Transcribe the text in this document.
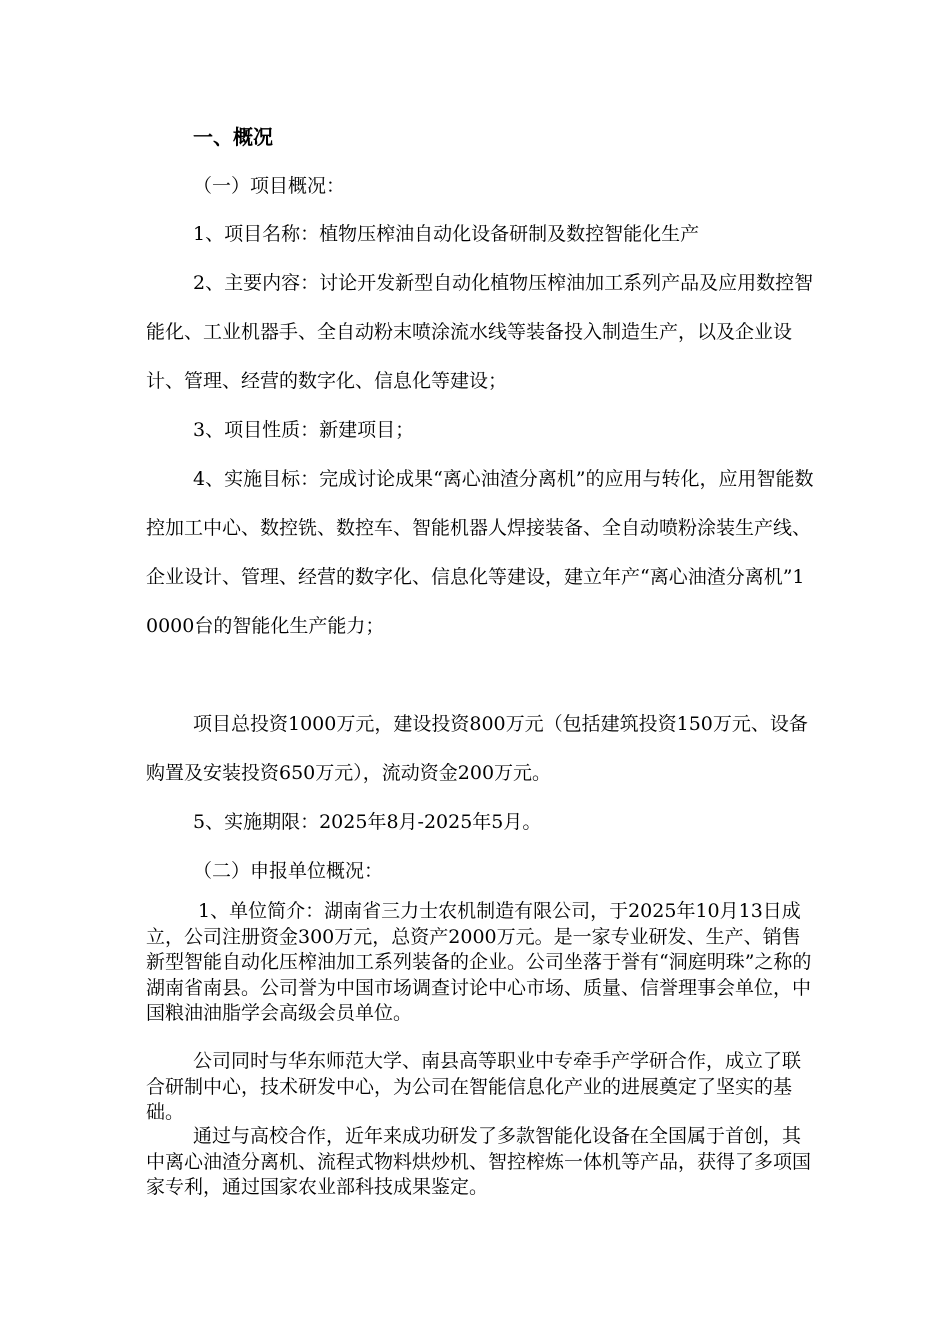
一、概况

（一）项目概况：

1、项目名称：植物压榨油自动化设备研制及数控智能化生产

2、主要内容：讨论开发新型自动化植物压榨油加工系列产品及应用数控智能化、工业机器手、全自动粉末喷涂流水线等装备投入制造生产，以及企业设计、管理、经营的数字化、信息化等建设；

3、项目性质：新建项目；

4、实施目标：完成讨论成果“离心油渣分离机”的应用与转化，应用智能数控加工中心、数控铣、数控车、智能机器人焊接装备、全自动喷粉涂装生产线、企业设计、管理、经营的数字化、信息化等建设，建立年产“离心油渣分离机”10000台的智能化生产能力；

项目总投资1000万元，建设投资800万元（包括建筑投资150万元、设备购置及安装投资650万元），流动资金200万元。

5、实施期限：2025年8月-2025年5月。

（二）申报单位概况：

1、单位简介：湖南省三力士农机制造有限公司，于2025年10月13日成立，公司注册资金300万元，总资产2000万元。是一家专业研发、生产、销售新型智能自动化压榨油加工系列装备的企业。公司坐落于誉有“洞庭明珠”之称的湖南省南县。公司誉为中国市场调查讨论中心市场、质量、信誉理事会单位，中国粮油油脂学会高级会员单位。

公司同时与华东师范大学、南县高等职业中专牵手产学研合作，成立了联合研制中心，技术研发中心，为公司在智能信息化产业的进展奠定了坚实的基础。

通过与高校合作，近年来成功研发了多款智能化设备在全国属于首创，其中离心油渣分离机、流程式物料烘炒机、智控榨炼一体机等产品，获得了多项国家专利，通过国家农业部科技成果鉴定。
